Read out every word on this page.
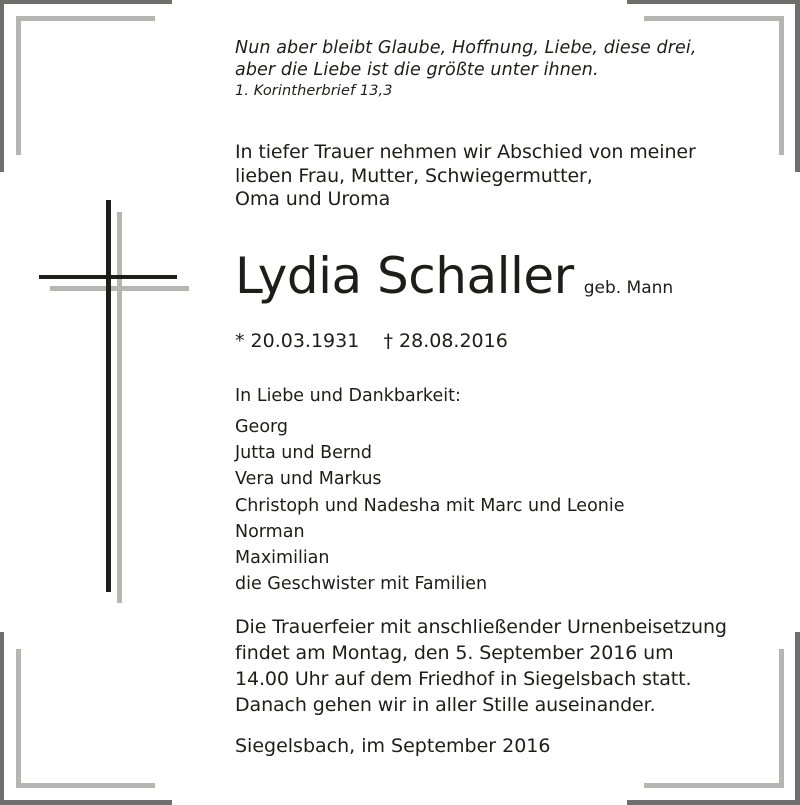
Nun aber bleibt Glaube, Hoffnung, Liebe, diese drei,
aber die Liebe ist die größte unter ihnen.
1. Korintherbrief 13,3
In tiefer Trauer nehmen wir Abschied von meiner
lieben Frau, Mutter, Schwiegermutter,
Oma und Uroma
Lydia Schaller geb. Mann
* 20.03.1931    † 28.08.2016
In Liebe und Dankbarkeit:
Georg
Jutta und Bernd
Vera und Markus
Christoph und Nadesha mit Marc und Leonie
Norman
Maximilian
die Geschwister mit Familien
Die Trauerfeier mit anschließender Urnenbeisetzung
findet am Montag, den 5. September 2016 um
14.00 Uhr auf dem Friedhof in Siegelsbach statt.
Danach gehen wir in aller Stille auseinander.
Siegelsbach, im September 2016
